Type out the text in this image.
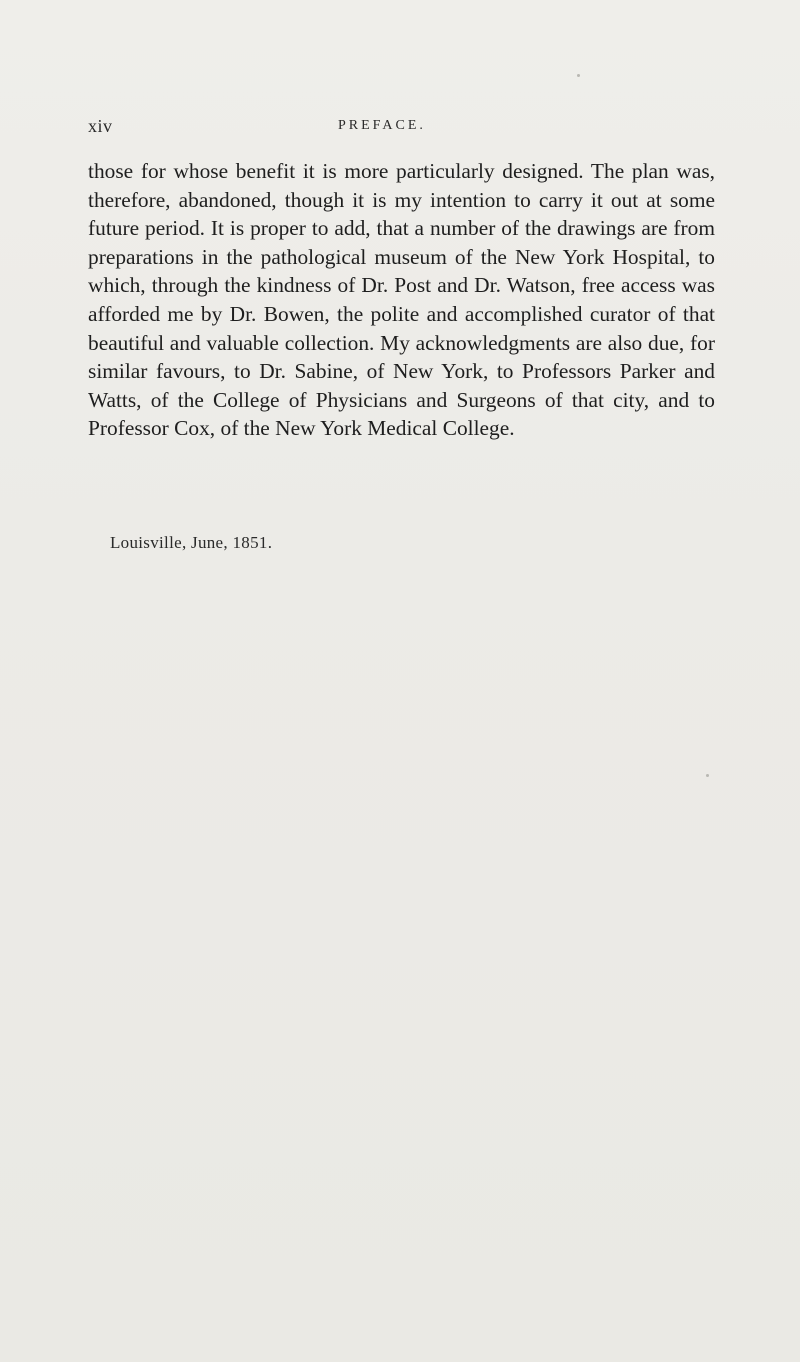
xiv	PREFACE.

those for whose benefit it is more particularly designed. The plan was, therefore, abandoned, though it is my intention to carry it out at some future period. It is proper to add, that a number of the drawings are from preparations in the pathological museum of the New York Hospital, to which, through the kindness of Dr. Post and Dr. Watson, free access was afforded me by Dr. Bowen, the polite and accomplished curator of that beautiful and valuable collection. My acknowledgments are also due, for similar favours, to Dr. Sabine, of New York, to Professors Parker and Watts, of the College of Physicians and Surgeons of that city, and to Professor Cox, of the New York Medical College.

Louisville, June, 1851.
